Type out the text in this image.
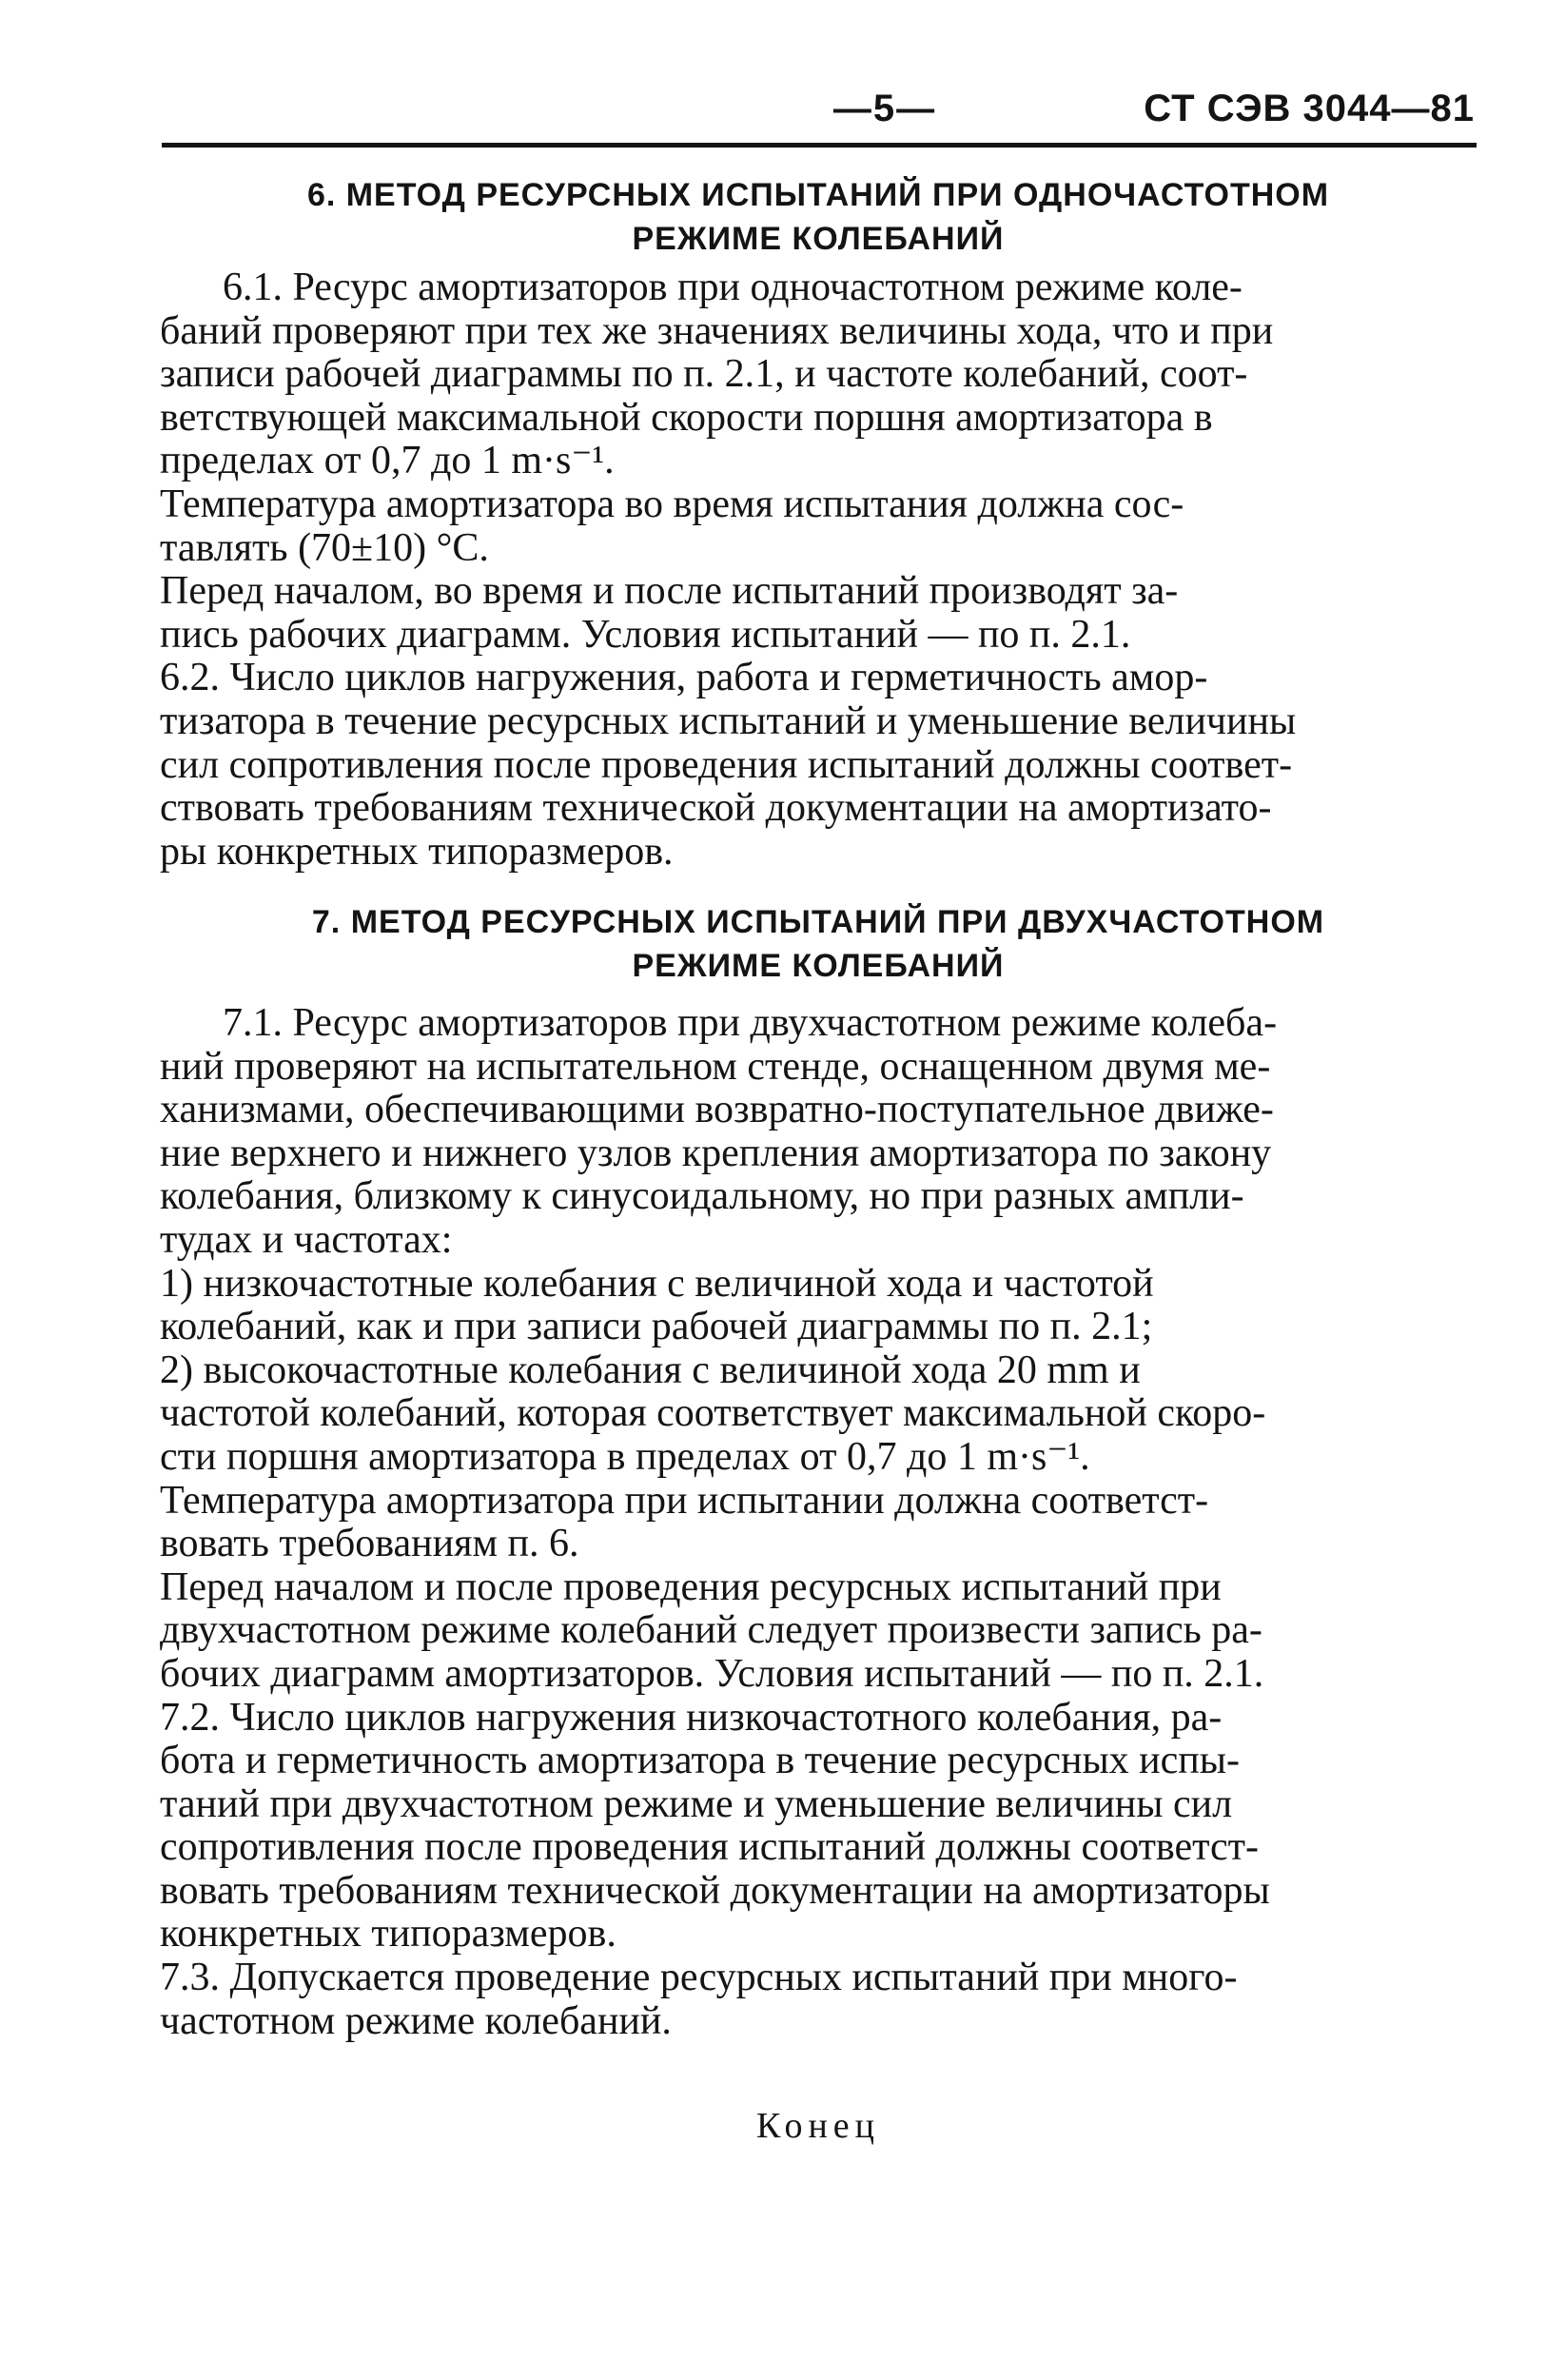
—5—	СТ СЭВ 3044—81
6. МЕТОД РЕСУРСНЫХ ИСПЫТАНИЙ ПРИ ОДНОЧАСТОТНОМ
РЕЖИМЕ КОЛЕБАНИЙ

6.1. Ресурс амортизаторов при одночастотном режиме коле-
баний проверяют при тех же значениях величины хода, что и при
записи рабочей диаграммы по п. 2.1, и частоте колебаний, соот-
ветствующей максимальной скорости поршня амортизатора в
пределах от 0,7 до 1 m·s⁻¹.
Температура амортизатора во время испытания должна сос-
тавлять (70±10) °С.
Перед началом, во время и после испытаний производят за-
пись рабочих диаграмм. Условия испытаний — по п. 2.1.
6.2. Число циклов нагружения, работа и герметичность амор-
тизатора в течение ресурсных испытаний и уменьшение величины
сил сопротивления после проведения испытаний должны соответ-
ствовать требованиям технической документации на амортизато-
ры конкретных типоразмеров.

7. МЕТОД РЕСУРСНЫХ ИСПЫТАНИЙ ПРИ ДВУХЧАСТОТНОМ
РЕЖИМЕ КОЛЕБАНИЙ

7.1. Ресурс амортизаторов при двухчастотном режиме колеба-
ний проверяют на испытательном стенде, оснащенном двумя ме-
ханизмами, обеспечивающими возвратно-поступательное движе-
ние верхнего и нижнего узлов крепления амортизатора по закону
колебания, близкому к синусоидальному, но при разных ампли-
тудах и частотах:
1) низкочастотные колебания с величиной хода и частотой
колебаний, как и при записи рабочей диаграммы по п. 2.1;
2) высокочастотные колебания с величиной хода 20 mm и
частотой колебаний, которая соответствует максимальной скоро-
сти поршня амортизатора в пределах от 0,7 до 1 m·s⁻¹.
Температура амортизатора при испытании должна соответст-
вовать требованиям п. 6.
Перед началом и после проведения ресурсных испытаний при
двухчастотном режиме колебаний следует произвести запись ра-
бочих диаграмм амортизаторов. Условия испытаний — по п. 2.1.
7.2. Число циклов нагружения низкочастотного колебания, ра-
бота и герметичность амортизатора в течение ресурсных испы-
таний при двухчастотном режиме и уменьшение величины сил
сопротивления после проведения испытаний должны соответст-
вовать требованиям технической документации на амортизаторы
конкретных типоразмеров.
7.3. Допускается проведение ресурсных испытаний при много-
частотном режиме колебаний.

Конец
